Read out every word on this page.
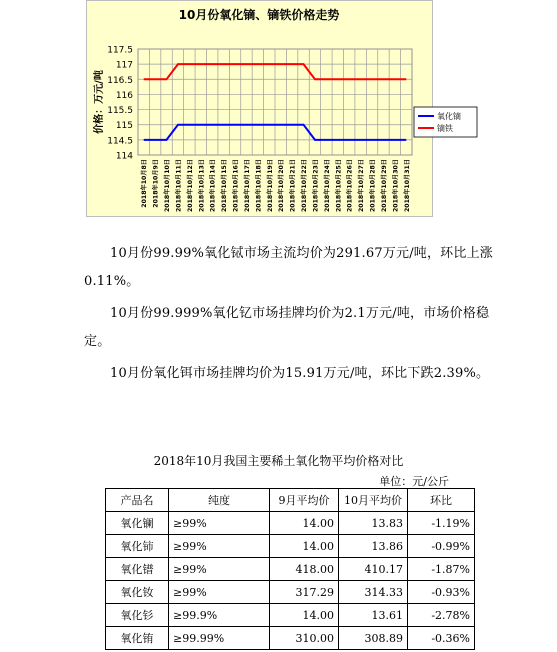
114
114.5
115
115.5
116
116.5
117
117.5
10月份氧化镝、镝铁价格走势
价格：万元/吨
2018年10月8日 2018年10月9日 2018年10月10日 2018年10月11日 2018年10月12日 2018年10月13日 2018年10月14日 2018年10月15日 2018年10月16日 2018年10月17日 2018年10月18日 2018年10月19日 2018年10月20日 2018年10月21日 2018年10月22日 2018年10月23日 2018年10月24日 2018年10月25日 2018年10月26日 2018年10月27日 2018年10月28日 2018年10月29日 2018年10月30日 2018年10月31日
氧化镝
镝铁

10月份99.99%氧化铽市场主流均价为291.67万元/吨，环比上涨0.11%。

10月份99.999%氧化钇市场挂牌均价为2.1万元/吨，市场价格稳定。

10月份氧化铒市场挂牌均价为15.91万元/吨，环比下跌2.39%。

2018年10月我国主要稀土氧化物平均价格对比
单位：元/公斤
产品名	纯度	9月平均价	10月平均价	环比
氧化镧	≥99%	14.00	13.83	-1.19%
氧化铈	≥99%	14.00	13.86	-0.99%
氧化镨	≥99%	418.00	410.17	-1.87%
氧化钕	≥99%	317.29	314.33	-0.93%
氧化钐	≥99.9%	14.00	13.61	-2.78%
氧化铕	≥99.99%	310.00	308.89	-0.36%
